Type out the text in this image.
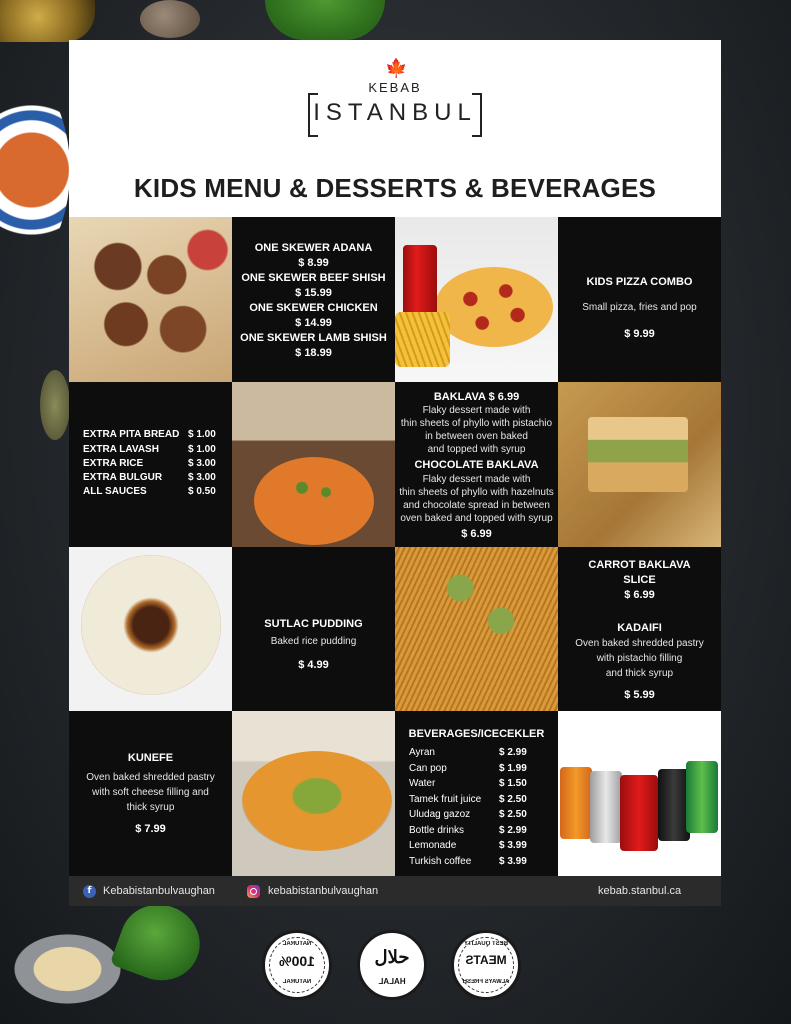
🍁
KEBAB
ISTANBUL
KIDS MENU & DESSERTS & BEVERAGES
ONE SKEWER ADANA
$ 8.99
ONE SKEWER BEEF SHISH
$ 15.99
ONE SKEWER CHICKEN
$ 14.99
ONE SKEWER LAMB SHISH
$ 18.99
KIDS PIZZA COMBO
Small pizza, fries and pop
$ 9.99
EXTRA PITA BREAD $ 1.00
EXTRA LAVASH	$ 1.00
EXTRA RICE	$ 3.00
EXTRA BULGUR	$ 3.00
ALL SAUCES	$ 0.50
BAKLAVA $ 6.99
Flaky dessert made with
thin sheets of phyllo with pistachio
in between oven baked
and topped with syrup
CHOCOLATE BAKLAVA
Flaky dessert made with
thin sheets of phyllo with hazelnuts
and chocolate spread in between
oven baked and topped with syrup
$ 6.99
SUTLAC PUDDING
Baked rice pudding
$ 4.99
CARROT BAKLAVA
SLICE
$ 6.99
KADAIFI
Oven baked shredded pastry
with pistachio filling
and thick syrup
$ 5.99
KUNEFE
Oven baked shredded pastry
with soft cheese filling and
thick syrup
$ 7.99
BEVERAGES/ICECEKLER
Ayran	$ 2.99
Can pop	$ 1.99
Water	$ 1.50
Tamek fruit juice $ 2.50
Uludag gazoz	$ 2.50
Bottle drinks	$ 2.99
Lemonade	$ 3.99
Turkish coffee	$ 3.99
f	Kebabistanbulvaughan	kebabistanbulvaughan	kebab.stanbul.ca
NATURAL
100%
NATURAL
حلال
HALAL
BEST QUALITY
MEATS
ALWAYS FRESH
